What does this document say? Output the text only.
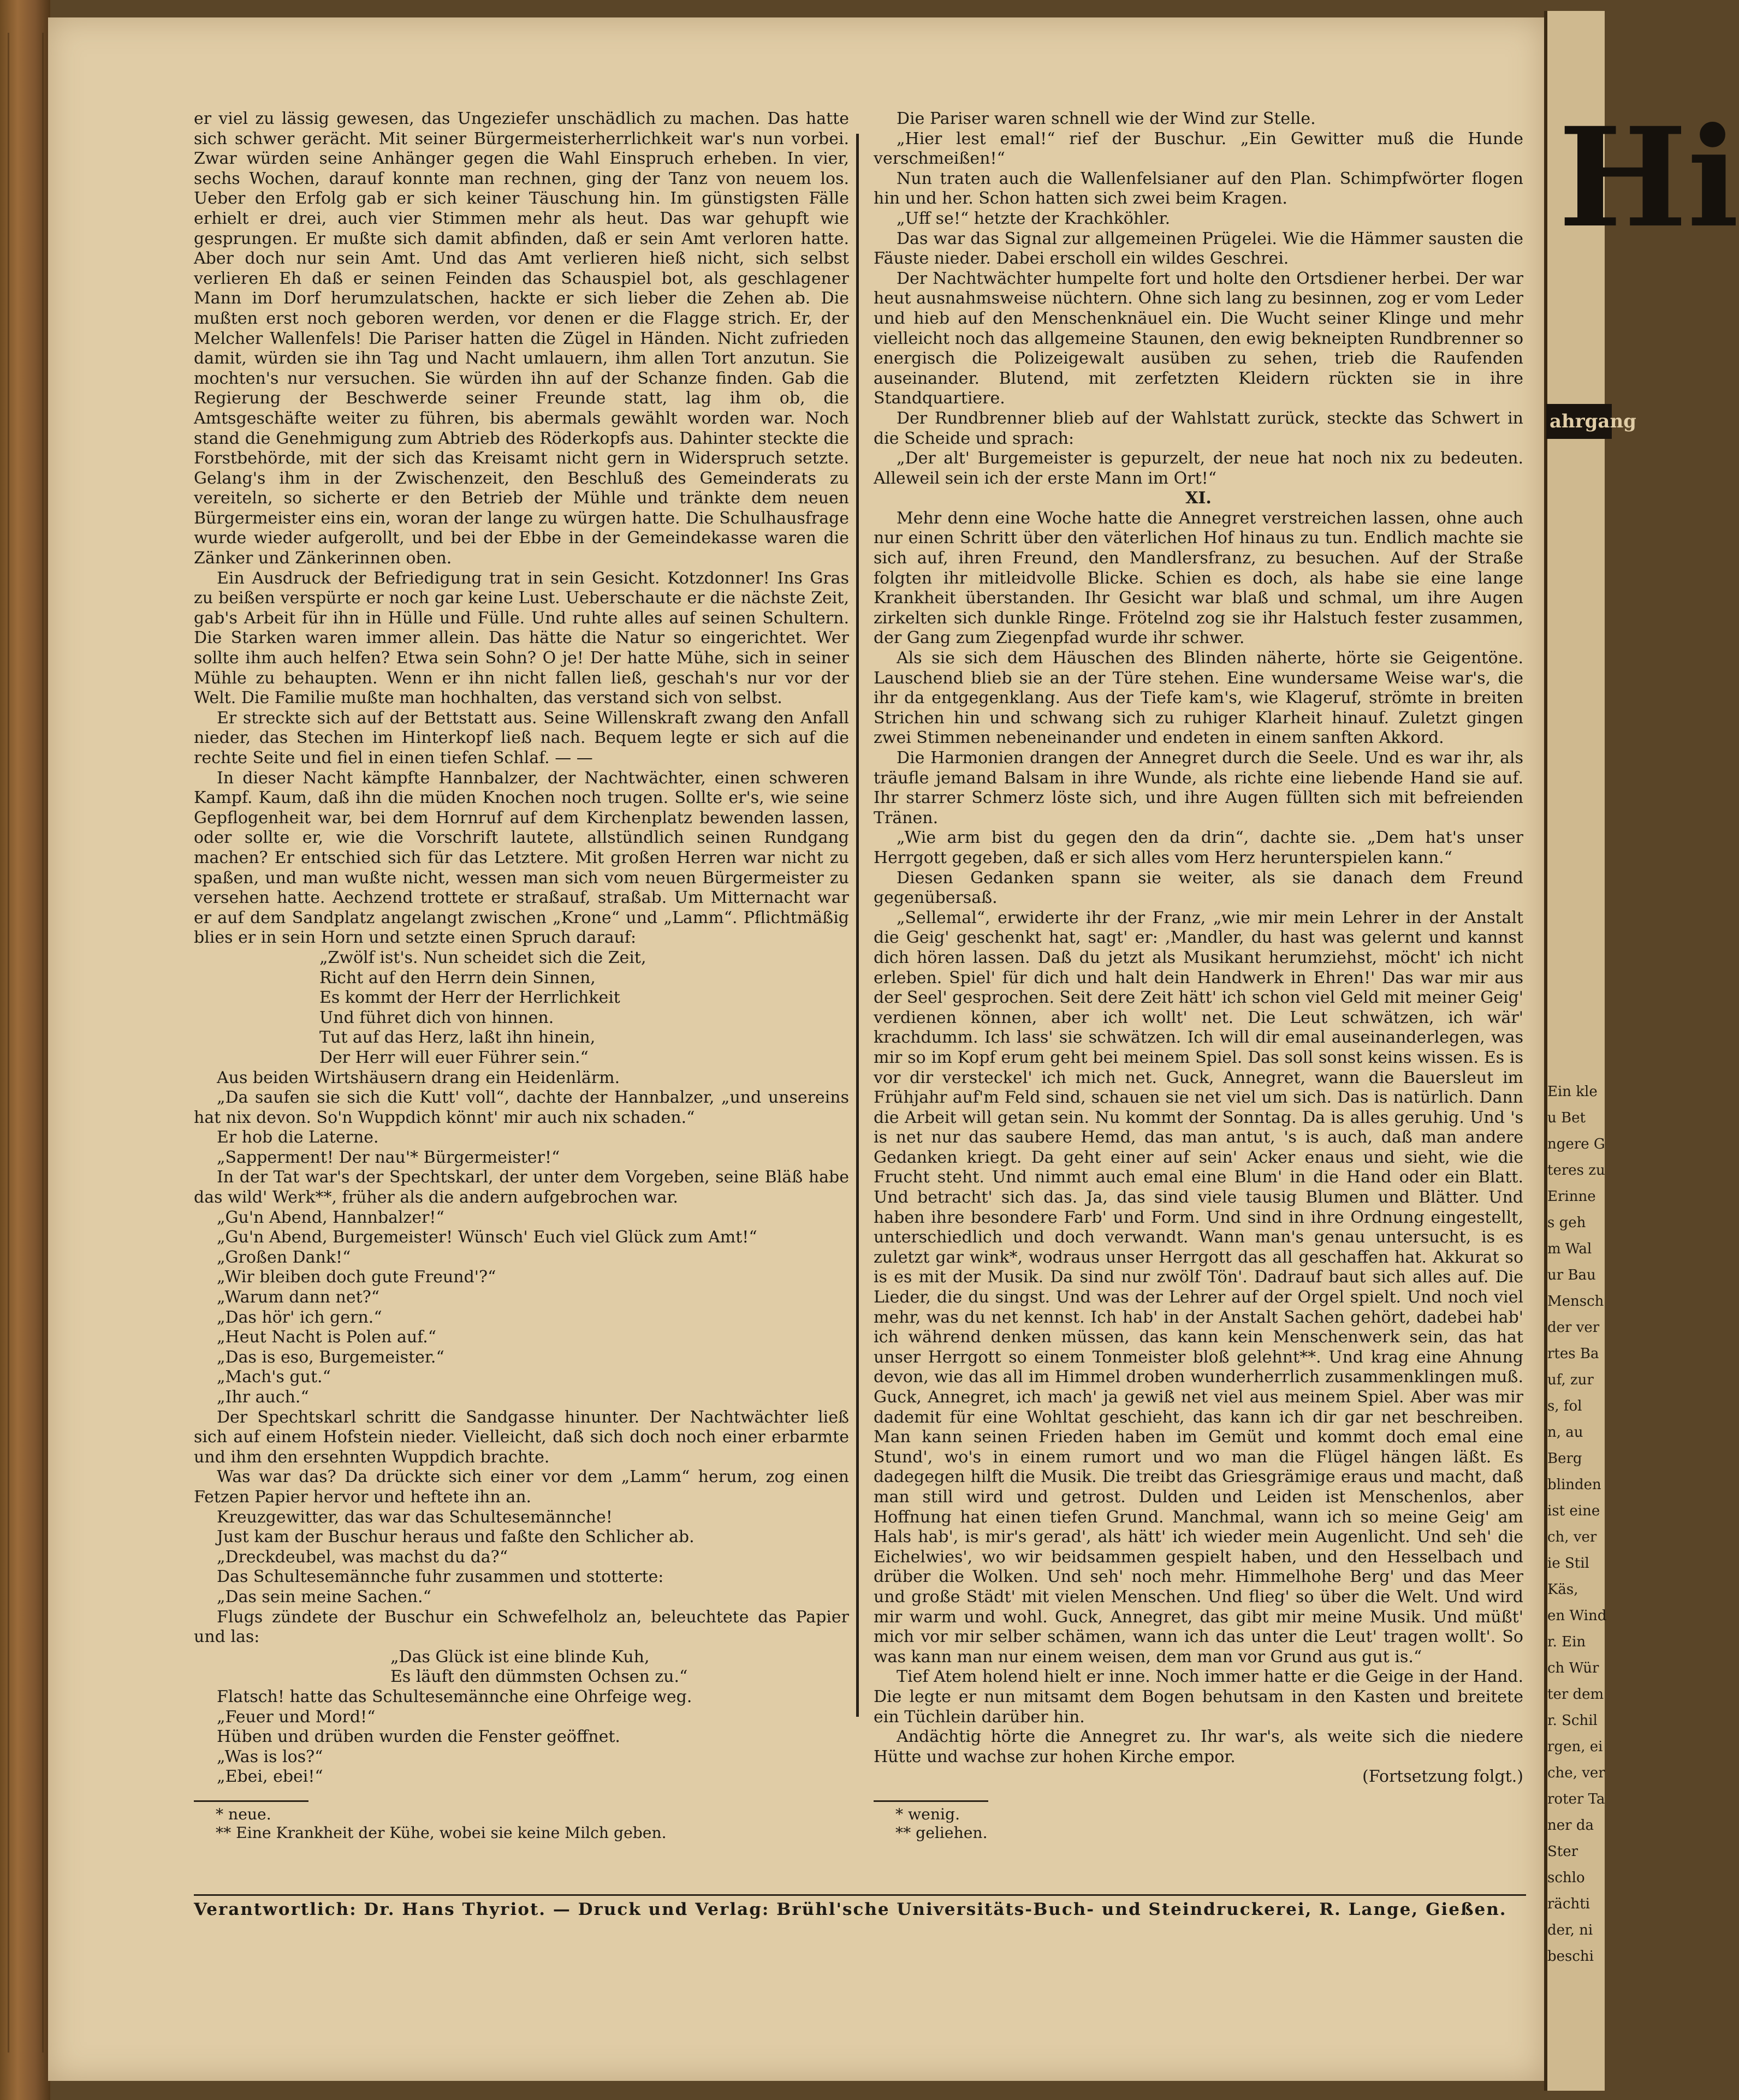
er viel zu lässig gewesen, das Ungeziefer unschädlich zu machen. Das hatte sich schwer gerächt. Mit seiner Bürgermeisterherrlichkeit war's nun vorbei. Zwar würden seine Anhänger gegen die Wahl Einspruch erheben. In vier, sechs Wochen, darauf konnte man rechnen, ging der Tanz von neuem los. Ueber den Erfolg gab er sich keiner Täuschung hin. Im günstigsten Fälle erhielt er drei, auch vier Stimmen mehr als heut. Das war gehupft wie gesprungen. Er mußte sich damit abfinden, daß er sein Amt verloren hatte. Aber doch nur sein Amt. Und das Amt verlieren hieß nicht, sich selbst verlieren Eh daß er seinen Feinden das Schauspiel bot, als geschlagener Mann im Dorf herumzulatschen, hackte er sich lieber die Zehen ab. Die mußten erst noch geboren werden, vor denen er die Flagge strich. Er, der Melcher Wallenfels! Die Pariser hatten die Zügel in Händen. Nicht zufrieden damit, würden sie ihn Tag und Nacht umlauern, ihm allen Tort anzutun. Sie mochten's nur versuchen. Sie würden ihn auf der Schanze finden. Gab die Regierung der Beschwerde seiner Freunde statt, lag ihm ob, die Amtsgeschäfte weiter zu führen, bis abermals gewählt worden war. Noch stand die Genehmigung zum Abtrieb des Röderkopfs aus. Dahinter steckte die Forstbehörde, mit der sich das Kreisamt nicht gern in Widerspruch setzte. Gelang's ihm in der Zwischenzeit, den Beschluß des Gemeinderats zu vereiteln, so sicherte er den Betrieb der Mühle und tränkte dem neuen Bürgermeister eins ein, woran der lange zu würgen hatte. Die Schulhausfrage wurde wieder aufgerollt, und bei der Ebbe in der Gemeindekasse waren die Zänker und Zänkerinnen oben.

Ein Ausdruck der Befriedigung trat in sein Gesicht. Kotzdonner! Ins Gras zu beißen verspürte er noch gar keine Lust. Ueberschaute er die nächste Zeit, gab's Arbeit für ihn in Hülle und Fülle. Und ruhte alles auf seinen Schultern. Die Starken waren immer allein. Das hätte die Natur so eingerichtet. Wer sollte ihm auch helfen? Etwa sein Sohn? O je! Der hatte Mühe, sich in seiner Mühle zu behaupten. Wenn er ihn nicht fallen ließ, geschah's nur vor der Welt. Die Familie mußte man hochhalten, das verstand sich von selbst.

Er streckte sich auf der Bettstatt aus. Seine Willenskraft zwang den Anfall nieder, das Stechen im Hinterkopf ließ nach. Bequem legte er sich auf die rechte Seite und fiel in einen tiefen Schlaf. — —

In dieser Nacht kämpfte Hannbalzer, der Nachtwächter, einen schweren Kampf. Kaum, daß ihn die müden Knochen noch trugen. Sollte er's, wie seine Gepflogenheit war, bei dem Hornruf auf dem Kirchenplatz bewenden lassen, oder sollte er, wie die Vorschrift lautete, allstündlich seinen Rundgang machen? Er entschied sich für das Letztere. Mit großen Herren war nicht zu spaßen, und man wußte nicht, wessen man sich vom neuen Bürgermeister zu versehen hatte. Aechzend trottete er straßauf, straßab. Um Mitternacht war er auf dem Sandplatz angelangt zwischen „Krone“ und „Lamm“. Pflichtmäßig blies er in sein Horn und setzte einen Spruch darauf:

„Zwölf ist's. Nun scheidet sich die Zeit,

Richt auf den Herrn dein Sinnen,

Es kommt der Herr der Herrlichkeit

Und führet dich von hinnen.

Tut auf das Herz, laßt ihn hinein,

Der Herr will euer Führer sein.“

Aus beiden Wirtshäusern drang ein Heidenlärm.

„Da saufen sie sich die Kutt' voll“, dachte der Hannbalzer, „und unsereins hat nix devon. So'n Wuppdich könnt' mir auch nix schaden.“

Er hob die Laterne.

„Sapperment! Der nau'* Bürgermeister!“

In der Tat war's der Spechtskarl, der unter dem Vorgeben, seine Bläß habe das wild' Werk**, früher als die andern aufgebrochen war.

„Gu'n Abend, Hannbalzer!“

„Gu'n Abend, Burgemeister! Wünsch' Euch viel Glück zum Amt!“

„Großen Dank!“

„Wir bleiben doch gute Freund'?“

„Warum dann net?“

„Das hör' ich gern.“

„Heut Nacht is Polen auf.“

„Das is eso, Burgemeister.“

„Mach's gut.“

„Ihr auch.“

Der Spechtskarl schritt die Sandgasse hinunter. Der Nachtwächter ließ sich auf einem Hofstein nieder. Vielleicht, daß sich doch noch einer erbarmte und ihm den ersehnten Wuppdich brachte.

Was war das? Da drückte sich einer vor dem „Lamm“ herum, zog einen Fetzen Papier hervor und heftete ihn an.

Kreuzgewitter, das war das Schultesemännche!

Just kam der Buschur heraus und faßte den Schlicher ab.

„Dreckdeubel, was machst du da?“

Das Schultesemännche fuhr zusammen und stotterte:

„Das sein meine Sachen.“

Flugs zündete der Buschur ein Schwefelholz an, beleuchtete das Papier und las:

„Das Glück ist eine blinde Kuh,

Es läuft den dümmsten Ochsen zu.“

Flatsch! hatte das Schultesemännche eine Ohrfeige weg.

„Feuer und Mord!“

Hüben und drüben wurden die Fenster geöffnet.

„Was is los?“

„Ebei, ebei!“

* neue.

** Eine Krankheit der Kühe, wobei sie keine Milch geben.

Die Pariser waren schnell wie der Wind zur Stelle.

„Hier lest emal!“ rief der Buschur. „Ein Gewitter muß die Hunde verschmeißen!“

Nun traten auch die Wallenfelsianer auf den Plan. Schimpfwörter flogen hin und her. Schon hatten sich zwei beim Kragen.

„Uff se!“ hetzte der Krachköhler.

Das war das Signal zur allgemeinen Prügelei. Wie die Hämmer sausten die Fäuste nieder. Dabei erscholl ein wildes Geschrei.

Der Nachtwächter humpelte fort und holte den Ortsdiener herbei. Der war heut ausnahmsweise nüchtern. Ohne sich lang zu besinnen, zog er vom Leder und hieb auf den Menschenknäuel ein. Die Wucht seiner Klinge und mehr vielleicht noch das allgemeine Staunen, den ewig bekneipten Rundbrenner so energisch die Polizeigewalt ausüben zu sehen, trieb die Raufenden auseinander. Blutend, mit zerfetzten Kleidern rückten sie in ihre Standquartiere.

Der Rundbrenner blieb auf der Wahlstatt zurück, steckte das Schwert in die Scheide und sprach:

„Der alt' Burgemeister is gepurzelt, der neue hat noch nix zu bedeuten. Alleweil sein ich der erste Mann im Ort!“

XI.

Mehr denn eine Woche hatte die Annegret verstreichen lassen, ohne auch nur einen Schritt über den väterlichen Hof hinaus zu tun. Endlich machte sie sich auf, ihren Freund, den Mandlersfranz, zu besuchen. Auf der Straße folgten ihr mitleidvolle Blicke. Schien es doch, als habe sie eine lange Krankheit überstanden. Ihr Gesicht war blaß und schmal, um ihre Augen zirkelten sich dunkle Ringe. Frötelnd zog sie ihr Halstuch fester zusammen, der Gang zum Ziegenpfad wurde ihr schwer.

Als sie sich dem Häuschen des Blinden näherte, hörte sie Geigentöne. Lauschend blieb sie an der Türe stehen. Eine wundersame Weise war's, die ihr da entgegenklang. Aus der Tiefe kam's, wie Klageruf, strömte in breiten Strichen hin und schwang sich zu ruhiger Klarheit hinauf. Zuletzt gingen zwei Stimmen nebeneinander und endeten in einem sanften Akkord.

Die Harmonien drangen der Annegret durch die Seele. Und es war ihr, als träufle jemand Balsam in ihre Wunde, als richte eine liebende Hand sie auf. Ihr starrer Schmerz löste sich, und ihre Augen füllten sich mit befreienden Tränen.

„Wie arm bist du gegen den da drin“, dachte sie. „Dem hat's unser Herrgott gegeben, daß er sich alles vom Herz herunterspielen kann.“

Diesen Gedanken spann sie weiter, als sie danach dem Freund gegenübersaß.

„Sellemal“, erwiderte ihr der Franz, „wie mir mein Lehrer in der Anstalt die Geig' geschenkt hat, sagt' er: ,Mandler, du hast was gelernt und kannst dich hören lassen. Daß du jetzt als Musikant herumziehst, möcht' ich nicht erleben. Spiel' für dich und halt dein Handwerk in Ehren!' Das war mir aus der Seel' gesprochen. Seit dere Zeit hätt' ich schon viel Geld mit meiner Geig' verdienen können, aber ich wollt' net. Die Leut schwätzen, ich wär' krachdumm. Ich lass' sie schwätzen. Ich will dir emal auseinanderlegen, was mir so im Kopf erum geht bei meinem Spiel. Das soll sonst keins wissen. Es is vor dir versteckel' ich mich net. Guck, Annegret, wann die Bauersleut im Frühjahr auf'm Feld sind, schauen sie net viel um sich. Das is natürlich. Dann die Arbeit will getan sein. Nu kommt der Sonntag. Da is alles geruhig. Und 's is net nur das saubere Hemd, das man antut, 's is auch, daß man andere Gedanken kriegt. Da geht einer auf sein' Acker enaus und sieht, wie die Frucht steht. Und nimmt auch emal eine Blum' in die Hand oder ein Blatt. Und betracht' sich das. Ja, das sind viele tausig Blumen und Blätter. Und haben ihre besondere Farb' und Form. Und sind in ihre Ordnung eingestellt, unterschiedlich und doch verwandt. Wann man's genau untersucht, is es zuletzt gar wink*, wodraus unser Herrgott das all geschaffen hat. Akkurat so is es mit der Musik. Da sind nur zwölf Tön'. Dadrauf baut sich alles auf. Die Lieder, die du singst. Und was der Lehrer auf der Orgel spielt. Und noch viel mehr, was du net kennst. Ich hab' in der Anstalt Sachen gehört, dadebei hab' ich während denken müssen, das kann kein Menschenwerk sein, das hat unser Herrgott so einem Tonmeister bloß gelehnt**. Und krag eine Ahnung devon, wie das all im Himmel droben wunderherrlich zusammenklingen muß. Guck, Annegret, ich mach' ja gewiß net viel aus meinem Spiel. Aber was mir dademit für eine Wohltat geschieht, das kann ich dir gar net beschreiben. Man kann seinen Frieden haben im Gemüt und kommt doch emal eine Stund', wo's in einem rumort und wo man die Flügel hängen läßt. Es dadegegen hilft die Musik. Die treibt das Griesgrämige eraus und macht, daß man still wird und getrost. Dulden und Leiden ist Menschenlos, aber Hoffnung hat einen tiefen Grund. Manchmal, wann ich so meine Geig' am Hals hab', is mir's gerad', als hätt' ich wieder mein Augenlicht. Und seh' die Eichelwies', wo wir beidsammen gespielt haben, und den Hesselbach und drüber die Wolken. Und seh' noch mehr. Himmelhohe Berg' und das Meer und große Städt' mit vielen Menschen. Und flieg' so über die Welt. Und wird mir warm und wohl. Guck, Annegret, das gibt mir meine Musik. Und müßt' mich vor mir selber schämen, wann ich das unter die Leut' tragen wollt'. So was kann man nur einem weisen, dem man vor Grund aus gut is.“

Tief Atem holend hielt er inne. Noch immer hatte er die Geige in der Hand. Die legte er nun mitsamt dem Bogen behutsam in den Kasten und breitete ein Tüchlein darüber hin.

Andächtig hörte die Annegret zu. Ihr war's, als weite sich die niedere Hütte und wachse zur hohen Kirche empor.

(Fortsetzung folgt.)

* wenig.

** geliehen.

Verantwortlich: Dr. Hans Thyriot. — Druck und Verlag: Brühl'sche Universitäts-Buch- und Steindruckerei, R. Lange, Gießen.
Hi
ahrgang
Ein kle
u Bet
ngere G
teres zu
Erinne
s geh
m Wal
ur Bau
Mensch
der ver
rtes Ba
uf, zur
s, fol
n, au
Berg
blinden
ist eine
ch, ver
ie Stil
Käs,
en Wind
r. Ein
ch Wür
ter dem
r. Schil
rgen, ei
che, ver
roter Ta
ner da
Ster
schlo
rächti
der, ni
beschi
